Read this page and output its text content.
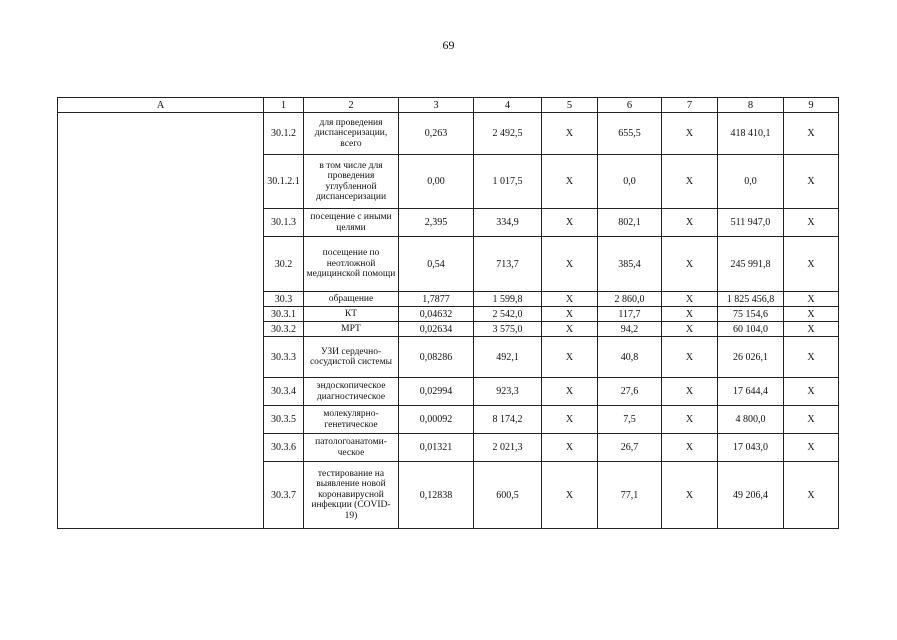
69
A	1	2	3	4	5	6	7	8	9
	30.1.2	для проведения диспансеризации, всего	0,263	2 492,5	X	655,5	X	418 410,1	X
	30.1.2.1	в том числе для проведения углубленной диспансеризации	0,00	1 017,5	X	0,0	X	0,0	X
	30.1.3	посещение с иными целями	2,395	334,9	X	802,1	X	511 947,0	X
	30.2	посещение по неотложной медицинской помощи	0,54	713,7	X	385,4	X	245 991,8	X
	30.3	обращение	1,7877	1 599,8	X	2 860,0	X	1 825 456,8	X
	30.3.1	КТ	0,04632	2 542,0	X	117,7	X	75 154,6	X
	30.3.2	МРТ	0,02634	3 575,0	X	94,2	X	60 104,0	X
	30.3.3	УЗИ сердечно-сосудистой системы	0,08286	492,1	X	40,8	X	26 026,1	X
	30.3.4	эндоскопическое диагностическое	0,02994	923,3	X	27,6	X	17 644,4	X
	30.3.5	молекулярно-генетическое	0,00092	8 174,2	X	7,5	X	4 800,0	X
	30.3.6	патологоанатоми-ческое	0,01321	2 021,3	X	26,7	X	17 043,0	X
	30.3.7	тестирование на выявление новой коронавирусной инфекции (COVID-19)	0,12838	600,5	X	77,1	X	49 206,4	X
